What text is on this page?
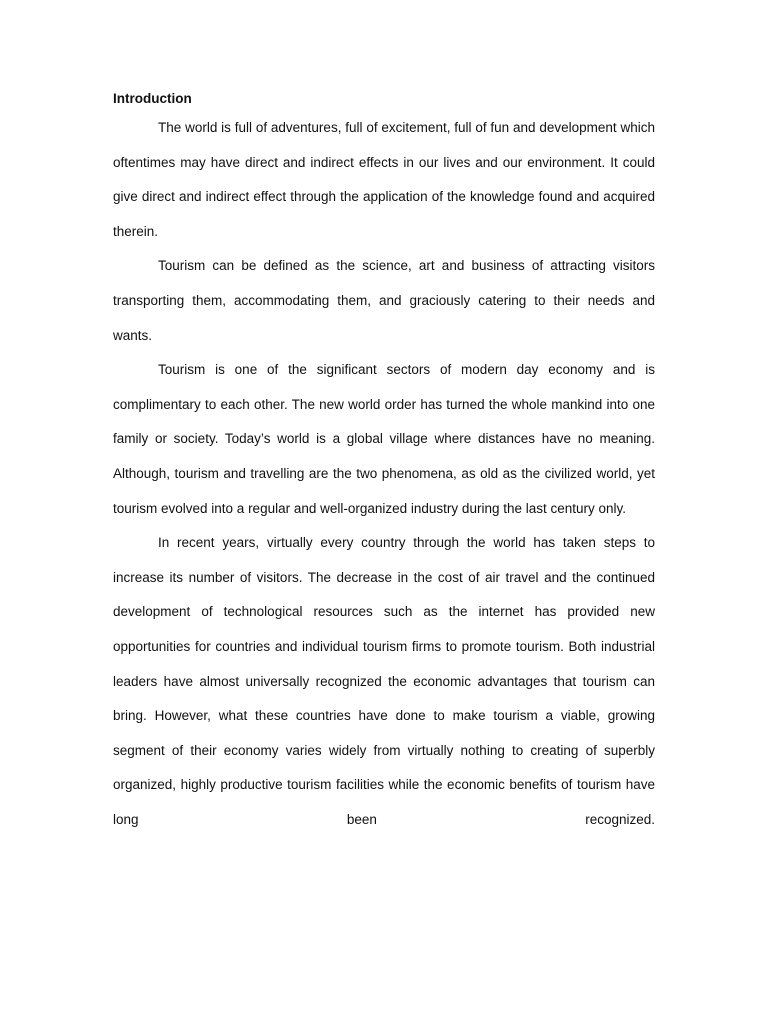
Introduction

The world is full of adventures, full of excitement, full of fun and development which oftentimes may have direct and indirect effects in our lives and our environment. It could give direct and indirect effect through the application of the knowledge found and acquired therein.

Tourism can be defined as the science, art and business of attracting visitors transporting them, accommodating them, and graciously catering to their needs and wants.

Tourism is one of the significant sectors of modern day economy and is complimentary to each other. The new world order has turned the whole mankind into one family or society. Today’s world is a global village where distances have no meaning. Although, tourism and travelling are the two phenomena, as old as the civilized world, yet tourism evolved into a regular and well-organized industry during the last century only.

In recent years, virtually every country through the world has taken steps to increase its number of visitors. The decrease in the cost of air travel and the continued development of technological resources such as the internet has provided new opportunities for countries and individual tourism firms to promote tourism. Both industrial leaders have almost universally recognized the economic advantages that tourism can bring. However, what these countries have done to make tourism a viable, growing segment of their economy varies widely from virtually nothing to creating of superbly organized, highly productive tourism facilities while the economic benefits of tourism have long been recognized.
